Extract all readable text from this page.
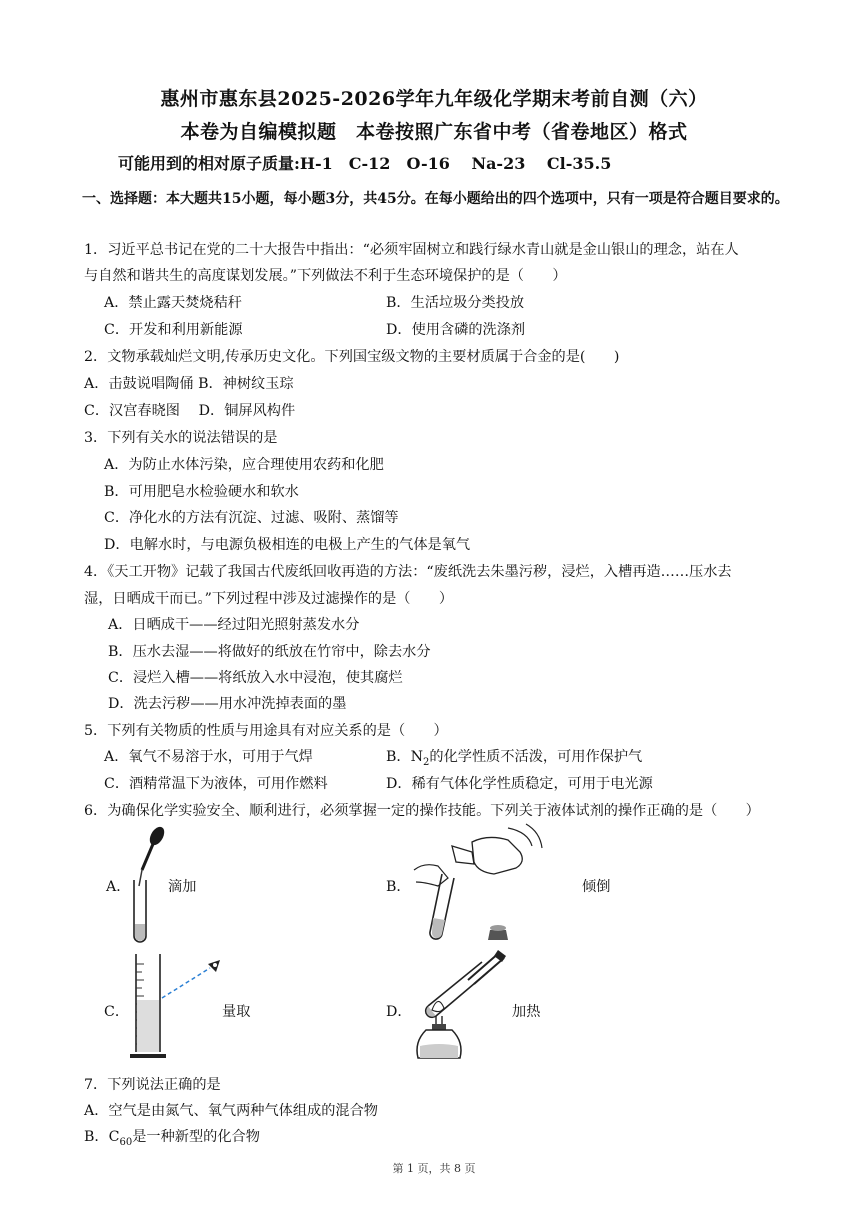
惠州市惠东县2025-2026学年九年级化学期末考前自测（六）
本卷为自编模拟题　本卷按照广东省中考（省卷地区）格式
可能用到的相对原子质量:H-1　C-12　O-16　 Na-23　 Cl-35.5
一、选择题：本大题共15小题，每小题3分，共45分。在每小题给出的四个选项中，只有一项是符合题目要求的。
1．习近平总书记在党的二十大报告中指出：“必须牢固树立和践行绿水青山就是金山银山的理念，站在人
与自然和谐共生的高度谋划发展。”下列做法不利于生态环境保护的是（　　）
A．禁止露天焚烧秸秆	B．生活垃圾分类投放
C．开发和利用新能源	D．使用含磷的洗涤剂
2．文物承载灿烂文明,传承历史文化。下列国宝级文物的主要材质属于合金的是(　　)
A．击鼓说唱陶俑 B．神树纹玉琮
C．汉宫春晓图　 D．铜屏风构件
3．下列有关水的说法错误的是
A．为防止水体污染，应合理使用农药和化肥
B．可用肥皂水检验硬水和软水
C．净化水的方法有沉淀、过滤、吸附、蒸馏等
D．电解水时，与电源负极相连的电极上产生的气体是氧气
4．《天工开物》记载了我国古代废纸回收再造的方法：“废纸洗去朱墨污秽，浸烂，入槽再造……压水去
湿，日晒成干而已。”下列过程中涉及过滤操作的是（　　）
A．日晒成干——经过阳光照射蒸发水分
B．压水去湿——将做好的纸放在竹帘中，除去水分
C．浸烂入槽——将纸放入水中浸泡，使其腐烂
D．洗去污秽——用水冲洗掉表面的墨
5．下列有关物质的性质与用途具有对应关系的是（　　）
A．氧气不易溶于水，可用于气焊	B．$N_2$的化学性质不活泼，可用作保护气
C．酒精常温下为液体，可用作燃料	D．稀有气体化学性质稳定，可用于电光源
6．为确保化学实验安全、顺利进行，必须掌握一定的操作技能。下列关于液体试剂的操作正确的是（　　）
A．	滴加	B．	倾倒
C．	量取	D．	加热
7．下列说法正确的是
A．空气是由氮气、氧气两种气体组成的混合物
B．$C_{60}$是一种新型的化合物
第 1 页，共 8 页
